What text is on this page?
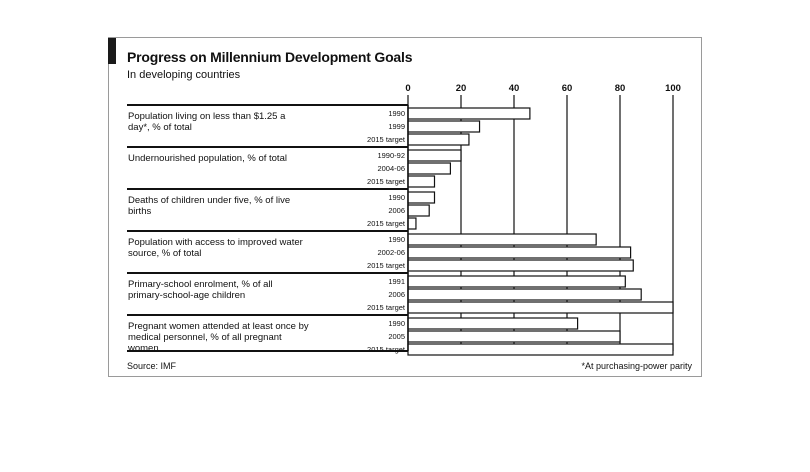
Progress on Millennium Development Goals
In developing countries
Source: IMF	*At purchasing-power parity
0	20	40	60	80	100
Population living on less than $1.25 a day*, % of total
1990
1999
2015 target
Undernourished population, % of total	1990-92
2004-06
2015 target
Deaths of children under five, % of live births
1990
2006
2015 target
Population with access to improved water source, % of total
1990
2002-06
2015 target
Primary-school enrolment, % of all primary-school-age children
1991
2006
2015 target
Pregnant women attended at least once by medical personnel, % of all pregnant women
1990
2005
2015 target
